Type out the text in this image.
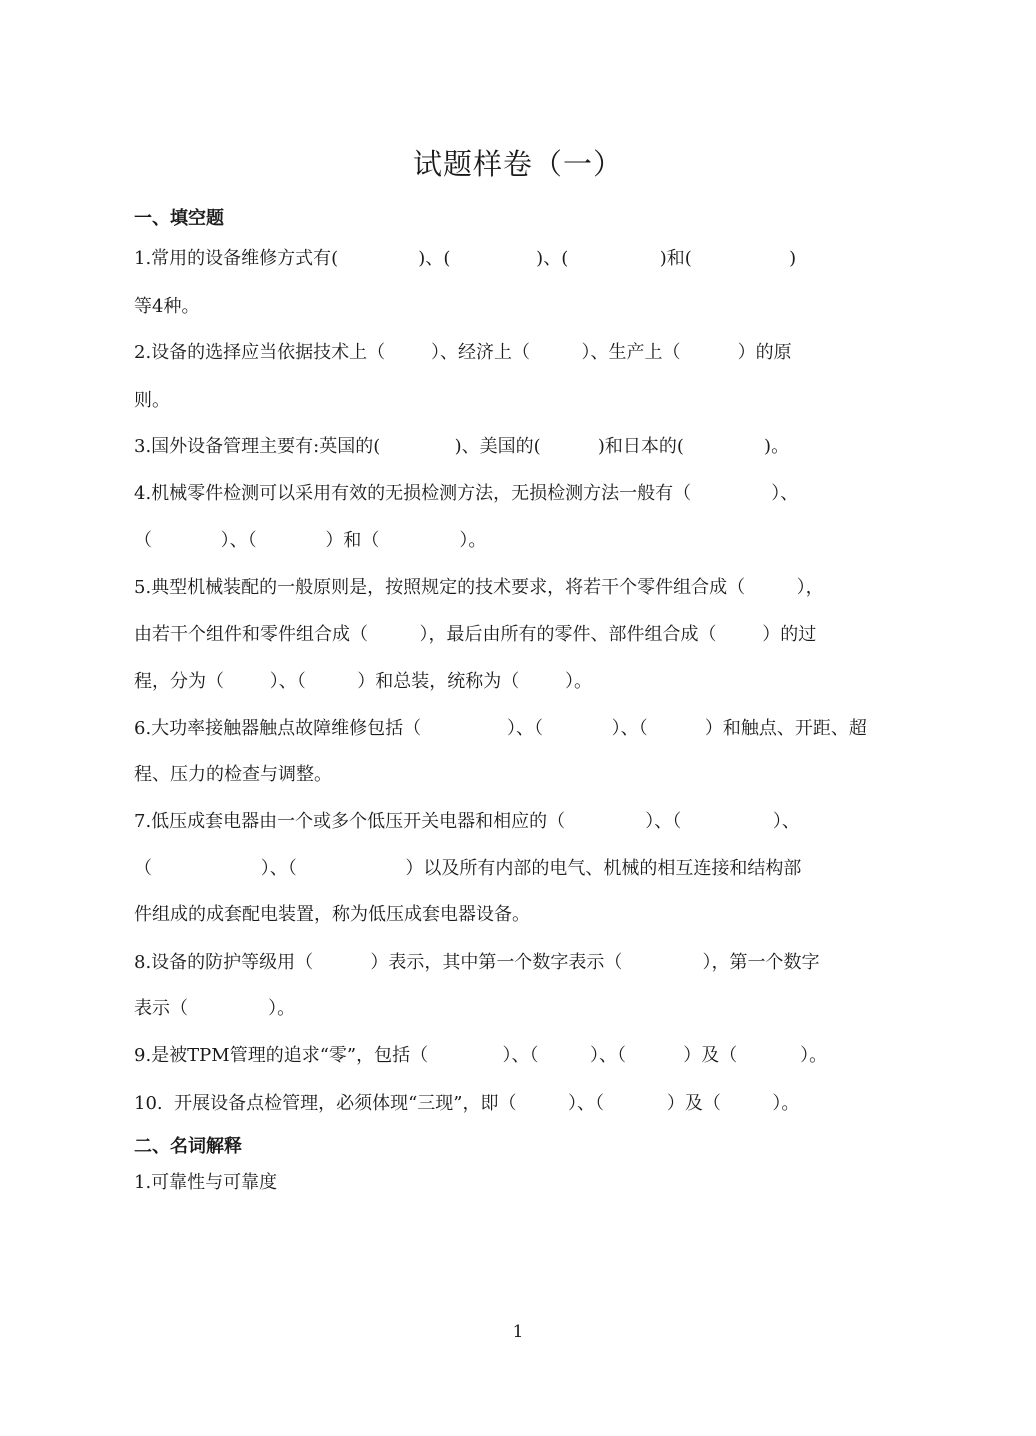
试题样卷（一）
一、填空题
1.常用的设备维修方式有(              )、(               )、(                )和(                 )
等4种。
2.设备的选择应当依据技术上（        ）、经济上（         ）、生产上（          ）的原
则。
3.国外设备管理主要有:英国的(             )、美国的(          )和日本的(              )。
4.机械零件检测可以采用有效的无损检测方法，无损检测方法一般有（              ）、
（            ）、（            ）和（              ）。
5.典型机械装配的一般原则是，按照规定的技术要求，将若干个零件组合成（         ），
由若干个组件和零件组合成（         ），最后由所有的零件、部件组合成（        ）的过
程，分为（        ）、（         ）和总装，统称为（        ）。
6.大功率接触器触点故障维修包括（               ）、（            ）、（          ）和触点、开距、超
程、压力的检查与调整。
7.低压成套电器由一个或多个低压开关电器和相应的（              ）、（                ）、
（                   ）、（                   ）以及所有内部的电气、机械的相互连接和结构部
件组成的成套配电装置，称为低压成套电器设备。
8.设备的防护等级用（          ）表示，其中第一个数字表示（              ），第一个数字
表示（              ）。
9.是被TPM管理的追求“零”，包括（             ）、（         ）、（          ）及（           ）。
10.  开展设备点检管理，必须体现“三现”，即（         ）、（           ）及（         ）。
二、名词解释
1.可靠性与可靠度
1
